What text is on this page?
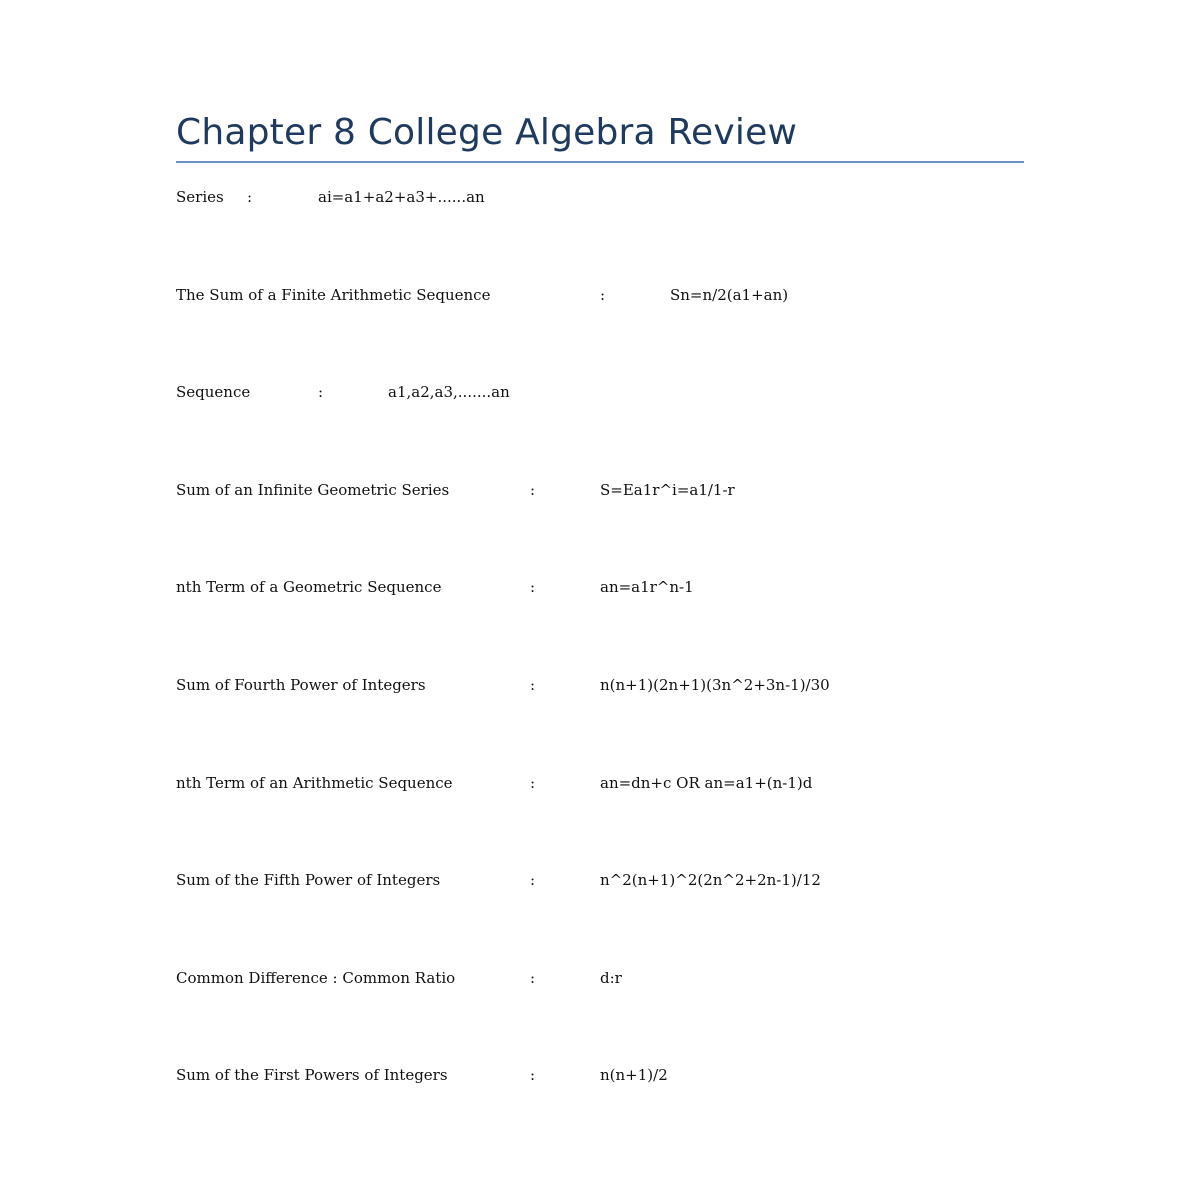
Chapter 8 College Algebra Review
Series :	ai=a1+a2+a3+......an
The Sum of a Finite Arithmetic Sequence	:	Sn=n/2(a1+an)
Sequence	:	a1,a2,a3,.......an
Sum of an Infinite Geometric Series	:	S=Ea1r^i=a1/1-r
nth Term of a Geometric Sequence	:	an=a1r^n-1
Sum of Fourth Power of Integers	:	n(n+1)(2n+1)(3n^2+3n-1)/30
nth Term of an Arithmetic Sequence	:	an=dn+c OR an=a1+(n-1)d
Sum of the Fifth Power of Integers	:	n^2(n+1)^2(2n^2+2n-1)/12
Common Difference : Common Ratio	:	d:r
Sum of the First Powers of Integers	:	n(n+1)/2
